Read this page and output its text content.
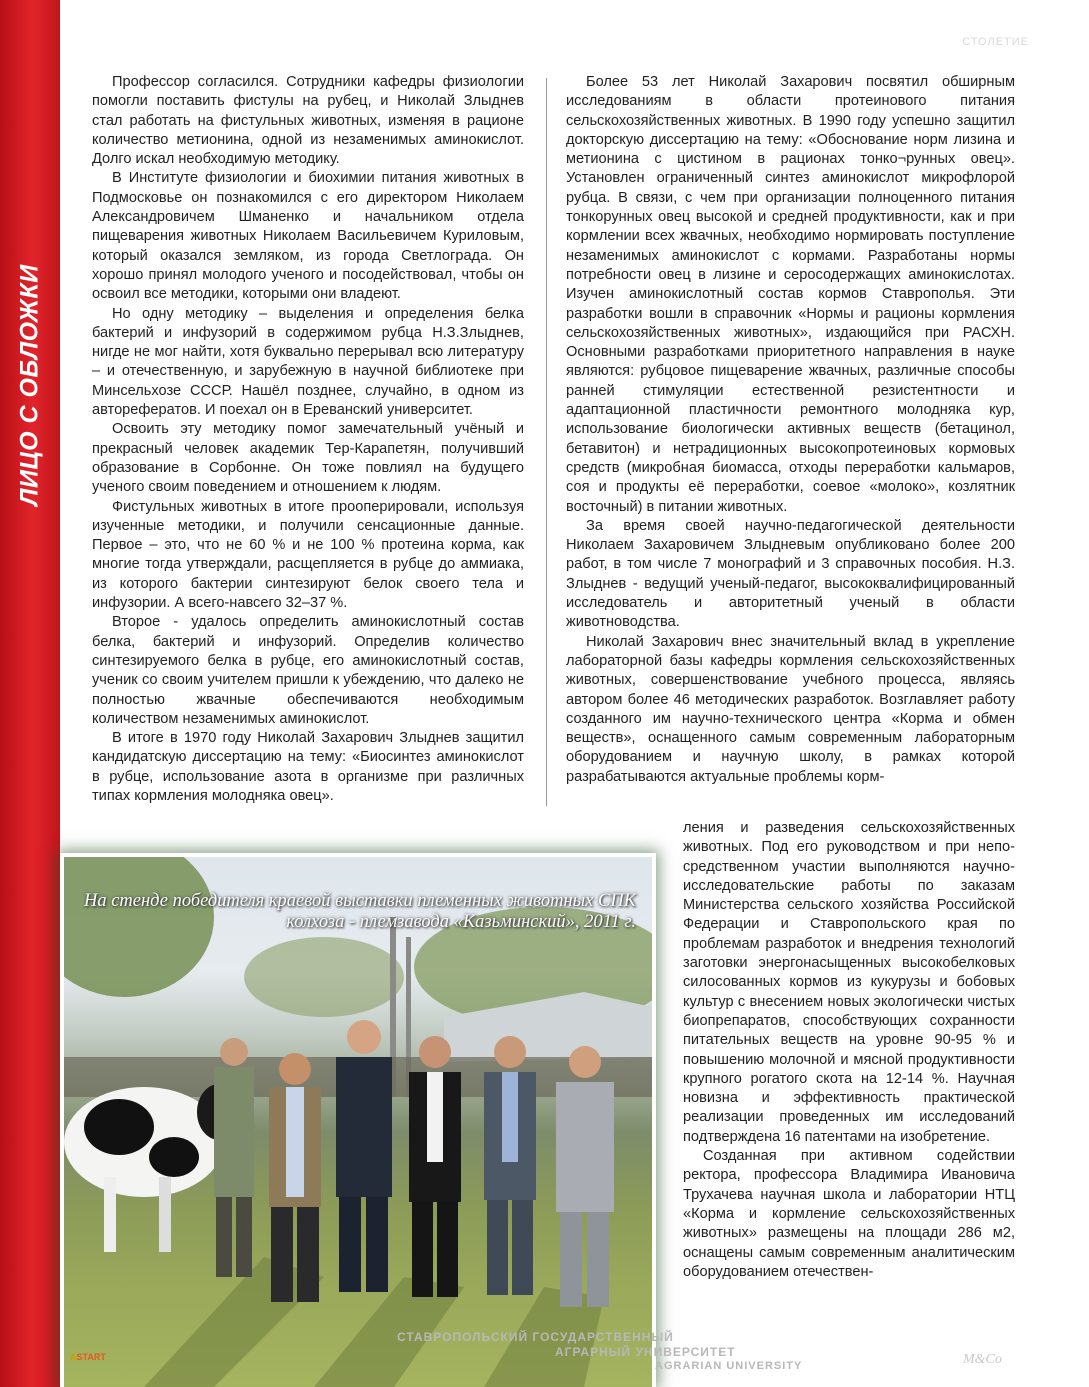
ЛИЦО С ОБЛОЖКИ
СТОЛЕТИЕ

Профессор согласился. Сотрудники кафедры физиологии помогли поставить фистулы на рубец, и Николай Злыднев стал работать на фистульных животных, изменяя в рационе количество метионина, одной из незаменимых аминокислот. Долго искал необходимую методику.

В Институте физиологии и биохимии питания животных в Подмосковье он познакомился с его директором Николаем Александровичем Шманенко и начальником отдела пищеварения животных Николаем Васильевичем Куриловым, который оказался земляком, из города Светлограда. Он хорошо принял молодого ученого и посодействовал, чтобы он освоил все методики, которыми они владеют.

Но одну методику – выделения и определения белка бактерий и инфузорий в содержимом рубца Н.З.Злыднев, нигде не мог найти, хотя буквально перерывал всю литературу – и отечественную, и зарубежную в научной библиотеке при Минсельхозе СССР. Нашёл позднее, случайно, в одном из авторефератов. И поехал он в Ереванский университет.

Освоить эту методику помог замечательный учёный и прекрасный человек академик Тер-Карапетян, получивший образование в Сорбонне. Он тоже повлиял на будущего ученого своим поведением и отношением к людям.

Фистульных животных в итоге прооперировали, используя изученные методики, и получили сенсационные данные. Первое – это, что не 60 % и не 100 % протеина корма, как многие тогда утверждали, расщепляется в рубце до аммиака, из которого бактерии синтезируют белок своего тела и инфузории. А всего-навсего 32–37 %.

Второе - удалось определить аминокислотный состав белка, бактерий и инфузорий. Определив количество синтезируемого белка в рубце, его аминокислотный состав, ученик со своим учителем пришли к убеждению, что далеко не полностью жвачные обеспечиваются необходимым количеством незаменимых аминокислот.

В итоге в 1970 году Николай Захарович Злыднев защитил кандидатскую диссертацию на тему: «Биосинтез аминокислот в рубце, использование азота в организме при различных типах кормления молодняка овец».

Более 53 лет Николай Захарович посвятил обширным исследованиям в области протеинового питания сельскохозяйственных животных. В 1990 году успешно защитил докторскую диссертацию на тему: «Обоснование норм лизина и метионина с цистином в рационах тонко¬рунных овец». Установлен ограниченный синтез аминокислот микрофлорой рубца. В связи, с чем при организации полноценного питания тонкорунных овец высокой и средней продуктивности, как и при кормлении всех жвачных, необходимо нормировать поступление незаменимых аминокислот с кормами. Разработаны нормы потребности овец в лизине и серосодержащих аминокислотах. Изучен аминокислотный состав кормов Ставрополья. Эти разработки вошли в справочник «Нормы и рационы кормления сельскохозяйственных животных», издающийся при РАСХН. Основными разработками приоритетного направления в науке являются: рубцовое пищеварение жвачных, различные способы ранней стимуляции естественной резистентности и адаптационной пластичности ремонтного молодняка кур, использование биологически активных веществ (бетацинол, бетавитон) и нетрадиционных высокопротеиновых кормовых средств (микробная биомасса, отходы переработки кальмаров, соя и продукты её переработки, соевое «молоко», козлятник восточный) в питании животных.

За время своей научно-педагогической деятельности Николаем Захаровичем Злыдневым опубликовано более 200 работ, в том числе 7 монографий и 3 справочных пособия. Н.З. Злыднев - ведущий ученый-педагог, высококвалифицированный исследователь и авторитетный ученый в области животноводства.

Николай Захарович внес значительный вклад в укрепление лабораторной базы кафедры кормления сельскохозяйственных животных, совершенствование учебного процесса, являясь автором более 46 методических разработок. Возглавляет работу созданного им научно-технического центра «Корма и обмен веществ», оснащенного самым современным лабораторным оборудованием и научную школу, в рамках которой разрабатываются актуальные проблемы корм-

ления и разведения сельскохозяйственных животных. Под его руководством и при непо-средственном участии выполняются научно-исследовательские работы по заказам Министерства сельского хозяйства Российской Федерации и Ставропольского края по проблемам разработок и внедрения технологий заготовки энергонасыщенных высокобелковых силосованных кормов из кукурузы и бобовых культур с внесением новых экологически чистых биопрепаратов, способствующих сохранности питательных веществ на уровне 90-95 % и повышению молочной и мясной продуктивности крупного рогатого скота на 12-14 %. Научная новизна и эффективность практической реализации проведенных им исследований подтверждена 16 патентами на изобретение.

Созданная при активном содействии ректора, профессора Владимира Ивановича Трухачева научная школа и лаборатории НТЦ «Корма и кормление сельскохозяйственных животных» размещены на площади 286 м2, оснащены самым современным аналитическим оборудованием отечествен-

На стенде победителя краевой выставки племенных животных СПК колхоза - племзавода «Казьминский», 2011 г.
АSTART
СТАВРОПОЛЬСКИЙ ГОСУДАРСТВЕННЫЙ
АГРАРНЫЙ УНИВЕРСИТЕТ
AGRARIAN UNIVERSITY	M&Co
